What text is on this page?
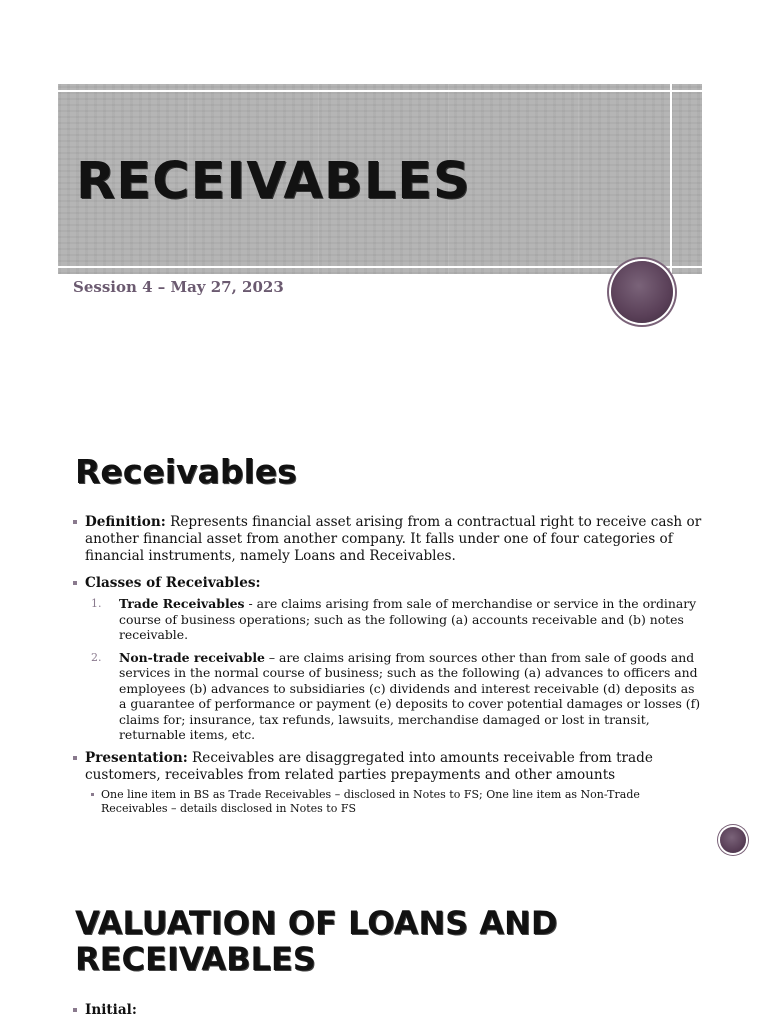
RECEIVABLES
Session 4 – May 27, 2023
Receivables
Definition: Represents financial asset arising from a contractual right to receive cash or another financial asset from another company. It falls under one of four categories of financial instruments, namely Loans and Receivables.
Classes of Receivables:
1. Trade Receivables - are claims arising from sale of merchandise or service in the ordinary course of business operations; such as the following (a) accounts receivable and (b) notes receivable.
2. Non-trade receivable – are claims arising from sources other than from sale of goods and services in the normal course of business; such as the following (a) advances to officers and employees (b) advances to subsidiaries (c) dividends and interest receivable (d) deposits as a guarantee of performance or payment (e) deposits to cover potential damages or losses (f) claims for; insurance, tax refunds, lawsuits, merchandise damaged or lost in transit, returnable items, etc.
Presentation: Receivables are disaggregated into amounts receivable from trade customers, receivables from related parties prepayments and other amounts
One line item in BS as Trade Receivables – disclosed in Notes to FS; One line item as Non-Trade Receivables – details disclosed in Notes to FS
VALUATION OF LOANS AND RECEIVABLES
Initial:
